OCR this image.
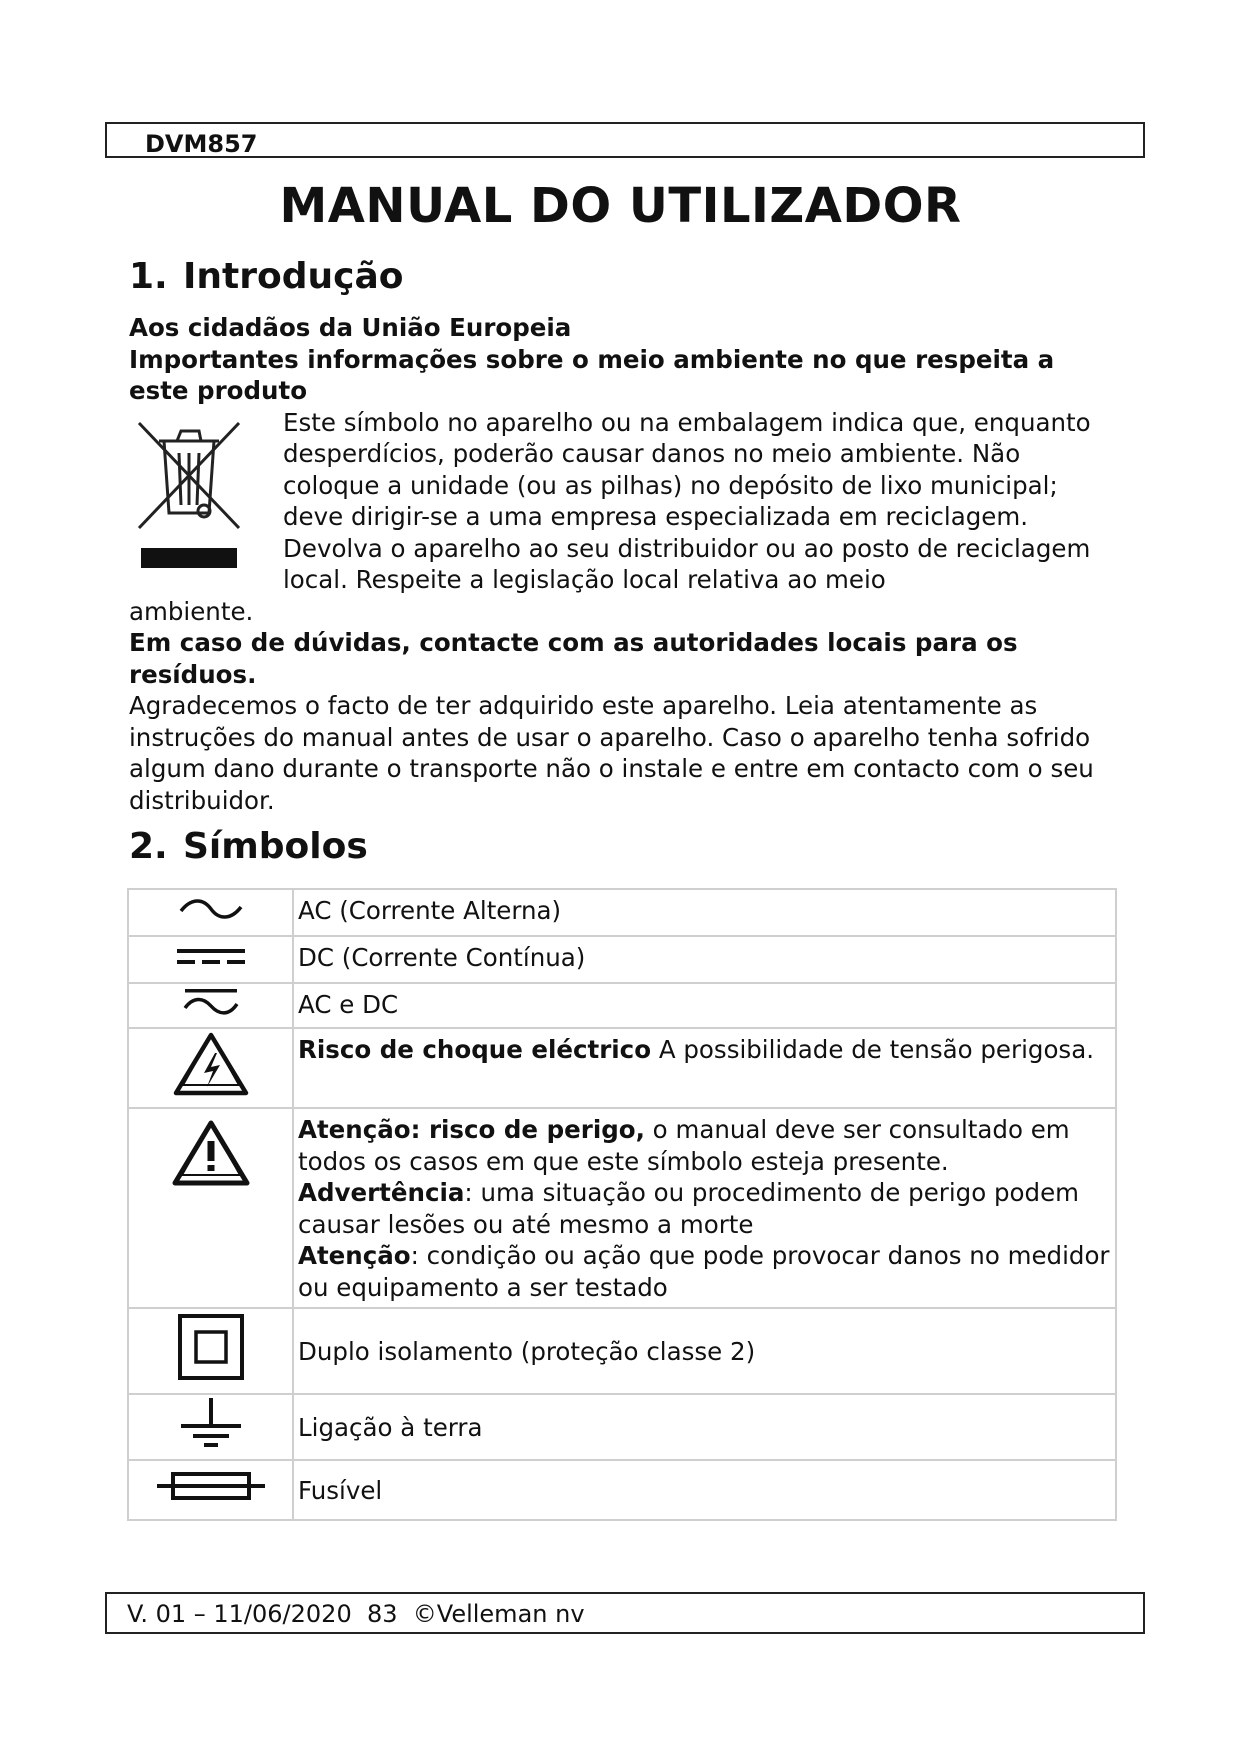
DVM857
MANUAL DO UTILIZADOR
1. Introdução

Aos cidadãos da União Europeia

Importantes informações sobre o meio ambiente no que respeita a este produto

Este símbolo no aparelho ou na embalagem indica que, enquanto desperdícios, poderão causar danos no meio ambiente. Não coloque a unidade (ou as pilhas) no depósito de lixo municipal; deve dirigir-se a uma empresa especializada em reciclagem. Devolva o aparelho ao seu distribuidor ou ao posto de reciclagem local. Respeite a legislação local relativa ao meio

ambiente.

Em caso de dúvidas, contacte com as autoridades locais para os resíduos.

Agradecemos o facto de ter adquirido este aparelho. Leia atentamente as instruções do manual antes de usar o aparelho. Caso o aparelho tenha sofrido algum dano durante o transporte não o instale e entre em contacto com o seu distribuidor.

2. Símbolos
	AC (Corrente Alterna)
	DC (Corrente Contínua)
	AC e DC
	Risco de choque eléctrico A possibilidade de tensão perigosa.
	Atenção: risco de perigo, o manual deve ser consultado em todos os casos em que este símbolo esteja presente.
Advertência: uma situação ou procedimento de perigo podem causar lesões ou até mesmo a morte
Atenção: condição ou ação que pode provocar danos no medidor ou equipamento a ser testado
	Duplo isolamento (proteção classe 2)
	Ligação à terra
	Fusível
V. 01 – 11/06/2020  83  ©Velleman nv
